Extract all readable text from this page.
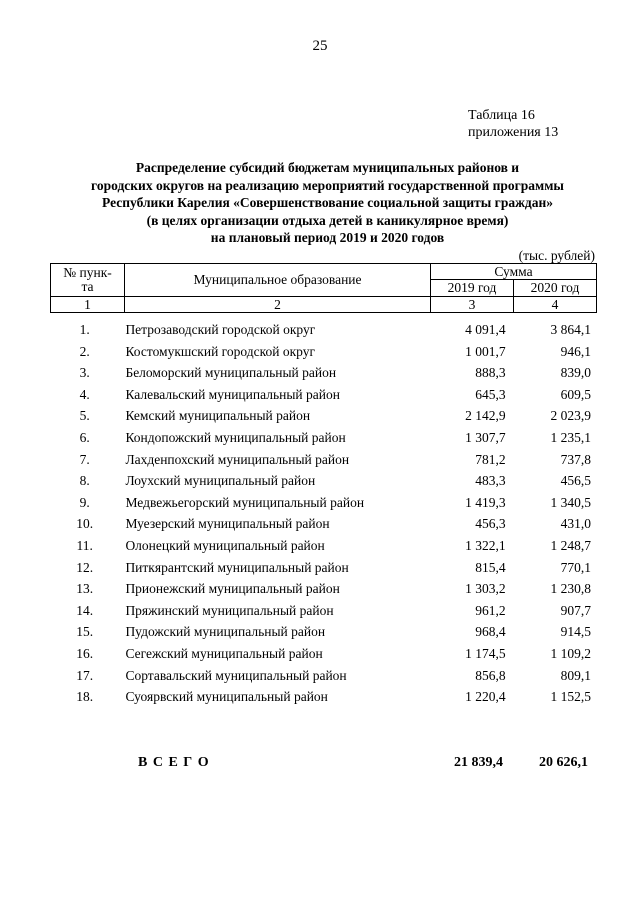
25
Таблица 16
приложения 13
Распределение субсидий бюджетам муниципальных районов и
городских округов на реализацию мероприятий государственной программы
Республики Карелия «Совершенствование социальной защиты граждан»
(в целях организации отдыха детей в каникулярное время)
на плановый период 2019 и 2020 годов
(тыс. рублей)
№ пунк-
та	Муниципальное образование	Сумма	
		2019 год	2020 год
1	2	3	4
1.	Петрозаводский городской округ	4 091,4	3 864,1
2.	Костомукшский городской округ	1 001,7	946,1
3.	Беломорский муниципальный район	888,3	839,0
4.	Калевальский муниципальный район	645,3	609,5
5.	Кемский муниципальный район	2 142,9	2 023,9
6.	Кондопожский муниципальный район	1 307,7	1 235,1
7.	Лахденпохский муниципальный район	781,2	737,8
8.	Лоухский муниципальный район	483,3	456,5
9.	Медвежьегорский муниципальный район	1 419,3	1 340,5
10.	Муезерский муниципальный район	456,3	431,0
11.	Олонецкий муниципальный район	1 322,1	1 248,7
12.	Питкярантский муниципальный район	815,4	770,1
13.	Прионежский муниципальный район	1 303,2	1 230,8
14.	Пряжинский муниципальный район	961,2	907,7
15.	Пудожский муниципальный район	968,4	914,5
16.	Сегежский муниципальный район	1 174,5	1 109,2
17.	Сортавальский муниципальный район	856,8	809,1
18.	Суоярвский муниципальный район	1 220,4	1 152,5
В С Е Г О	21 839,4	20 626,1
